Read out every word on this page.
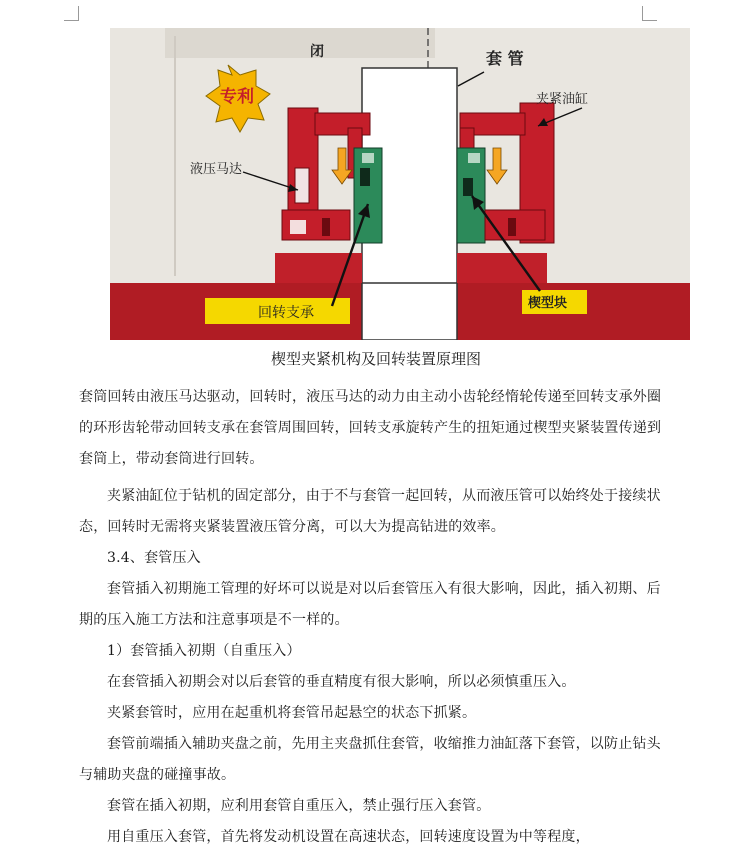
专利
闭	套 管
夹紧油缸
液压马达
回转支承
楔型块
楔型夹紧机构及回转装置原理图

套筒回转由液压马达驱动，回转时，液压马达的动力由主动小齿轮经惰轮传递至回转支承外圈的环形齿轮带动回转支承在套管周围回转，回转支承旋转产生的扭矩通过楔型夹紧装置传递到套筒上，带动套筒进行回转。

夹紧油缸位于钻机的固定部分，由于不与套管一起回转，从而液压管可以始终处于接续状态，回转时无需将夹紧装置液压管分离，可以大为提高钻进的效率。

3.4、套管压入

套管插入初期施工管理的好坏可以说是对以后套管压入有很大影响，因此，插入初期、后期的压入施工方法和注意事项是不一样的。

1）套管插入初期（自重压入）

在套管插入初期会对以后套管的垂直精度有很大影响，所以必须慎重压入。

夹紧套管时，应用在起重机将套管吊起悬空的状态下抓紧。

套管前端插入辅助夹盘之前，先用主夹盘抓住套管，收缩推力油缸落下套管，以防止钻头与辅助夹盘的碰撞事故。

套管在插入初期，应利用套管自重压入，禁止强行压入套管。

用自重压入套管，首先将发动机设置在高速状态，回转速度设置为中等程度，
